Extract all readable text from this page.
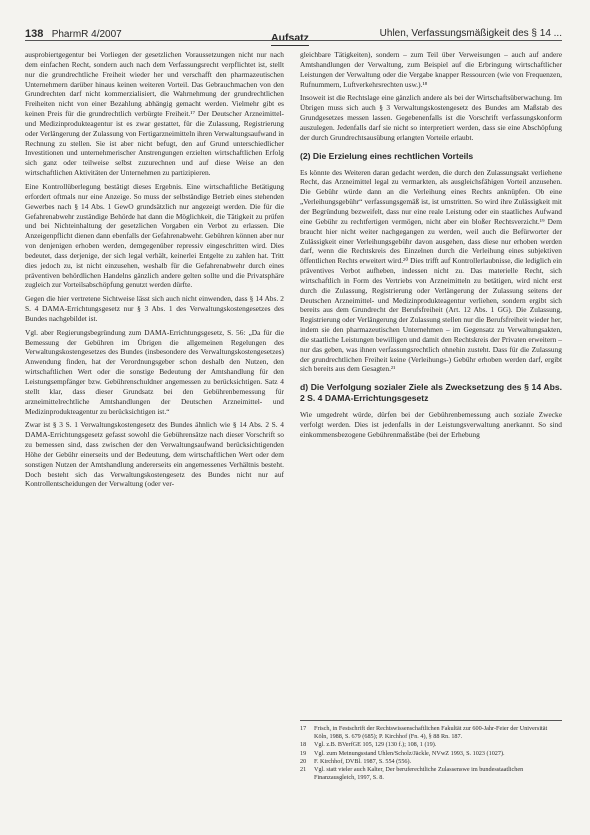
138 PharmR 4/2007	Aufsatz	Uhlen, Verfassungsmäßigkeit des § 14 ...

ausprobiertgegentur bei Vorliegen der gesetzlichen Voraussetzungen nicht nur nach dem einfachen Recht, sondern auch nach dem Verfassungsrecht verpflichtet ist, stellt nur die grundrechtliche Freiheit wieder her und verschafft den pharmazeutischen Unternehmern darüber hinaus keinen weiteren Vorteil. Das Gebrauchmachen von den Grundrechten darf nicht kommerzialisiert, die Wahrnehmung der grundrechtlichen Freiheiten nicht von einer Bezahlung abhängig gemacht werden. Vielmehr gibt es keinen Preis für die grundrechtlich verbürgte Freiheit.¹⁷ Der Deutscher Arzneimittel- und Medizinprodukteagentur ist es zwar gestattet, für die Zulassung, Registrierung oder Verlängerung der Zulassung von Fertigarzneimitteln ihren Verwaltungsaufwand in Rechnung zu stellen. Sie ist aber nicht befugt, den auf Grund unterschiedlicher Investitionen und unternehmerischer Anstrengungen erzielten wirtschaftlichen Erfolg sich ganz oder teilweise selbst zuzurechnen und auf diese Weise an den wirtschaftlichen Aktivitäten der Unternehmen zu partizipieren.

Eine Kontrollüberlegung bestätigt dieses Ergebnis. Eine wirtschaftliche Betätigung erfordert oftmals nur eine Anzeige. So muss der selbständige Betrieb eines stehenden Gewerbes nach § 14 Abs. 1 GewO grundsätzlich nur angezeigt werden. Die für die Gefahrenabwehr zuständige Behörde hat dann die Möglichkeit, die Tätigkeit zu prüfen und bei Nichteinhaltung der gesetzlichen Vorgaben ein Verbot zu erlassen. Die Anzeigenpflicht dienen dann ebenfalls der Gefahrenabwehr. Gebühren können aber nur von denjenigen erhoben werden, demgegenüber repressiv eingeschritten wird. Dies bedeutet, dass derjenige, der sich legal verhält, keinerlei Entgelte zu zahlen hat. Tritt dies jedoch zu, ist nicht einzusehen, weshalb für die Gefahrenabwehr durch eines präventiven behördlichen Handelns gänzlich andere gelten sollte und die Privatsphäre zugleich zur Vorteilsabschöpfung genutzt werden dürfte.

Gegen die hier vertretene Sichtweise lässt sich auch nicht einwenden, dass § 14 Abs. 2 S. 4 DAMA-Errichtungsgesetz nur § 3 Abs. 1 des Verwaltungskostengesetzes des Bundes nachgebildet ist.

Vgl. aber Regierungsbegründung zum DAMA-Errichtungsgesetz, S. 56: „Da für die Bemessung der Gebühren im Übrigen die allgemeinen Regelungen des Verwaltungskostengesetzes des Bundes (insbesondere des Verwaltungskostengesetzes) Anwendung finden, hat der Verordnungsgeber schon deshalb den Nutzen, den wirtschaftlichen Wert oder die sonstige Bedeutung der Amtshandlung für den Leistungsempfänger bzw. Gebührenschuldner angemessen zu berücksichtigen. Satz 4 stellt klar, dass dieser Grundsatz bei den Gebührenbemessung für arzneimittelrechtliche Amtshandlungen der Deutschen Arzneimittel- und Medizinprodukteagentur zu berücksichtigen ist.“

Zwar ist § 3 S. 1 Verwaltungskostengesetz des Bundes ähnlich wie § 14 Abs. 2 S. 4 DAMA-Errichtungsgesetz gefasst sowohl die Gebührensätze nach dieser Vorschrift so zu bemessen sind, dass zwischen der den Verwaltungsaufwand berücksichtigenden Höhe der Gebühr einerseits und der Bedeutung, dem wirtschaftlichen Wert oder dem sonstigen Nutzen der Amtshandlung andererseits ein angemessenes Verhältnis besteht. Doch besteht sich das Verwaltungskostengesetz des Bundes nicht nur auf Kontrollentscheidungen der Verwaltung (oder ver-

gleichbare Tätigkeiten), sondern – zum Teil über Verweisungen – auch auf andere Amtshandlungen der Verwaltung, zum Beispiel auf die Erbringung wirtschaftlicher Leistungen der Verwaltung oder die Vergabe knapper Ressourcen (wie von Frequenzen, Rufnummern, Luftverkehrsrechten usw.).¹⁸

Insoweit ist die Rechtslage eine gänzlich andere als bei der Wirtschaftsüberwachung. Im Übrigen muss sich auch § 3 Verwaltungskostengesetz des Bundes am Maßstab des Grundgesetzes messen lassen. Gegebenenfalls ist die Vorschrift verfassungskonform auszulegen. Jedenfalls darf sie nicht so interpretiert werden, dass sie eine Abschöpfung der durch Grundrechtsausübung erlangten Vorteile erlaubt.

(2) Die Erzielung eines rechtlichen Vorteils

Es könnte des Weiteren daran gedacht werden, die durch den Zulassungsakt verliehene Recht, das Arzneimittel legal zu vermarkten, als ausgleichsfähigen Vorteil anzusehen. Die Gebühr würde dann an die Verleihung eines Rechts anknüpfen. Ob eine „Verleihungsgebühr“ verfassungsgemäß ist, ist umstritten. So wird ihre Zulässigkeit mit der Begründung bezweifelt, dass nur eine reale Leistung oder ein staatliches Aufwand eine Gebühr zu rechtfertigen vermögen, nicht aber ein bloßer Rechtsverzicht.¹⁹ Dem braucht hier nicht weiter nachgegangen zu werden, weil auch die Befürworter der Zulässigkeit einer Verleihungsgebühr davon ausgehen, dass diese nur erhoben werden darf, wenn die Rechtskreis des Einzelnen durch die Verleihung eines subjektiven öffentlichen Rechts erweitert wird.²⁰ Dies trifft auf Kontrollerlaubnisse, die lediglich ein präventives Verbot aufheben, indessen nicht zu. Das materielle Recht, sich wirtschaftlich in Form des Vertriebs von Arzneimitteln zu betätigen, wird nicht erst durch die Zulassung, Registrierung oder Verlängerung der Zulassung seitens der Deutschen Arzneimittel- und Medizinprodukteagentur verliehen, sondern ergibt sich bereits aus dem Grundrecht der Berufsfreiheit (Art. 12 Abs. 1 GG). Die Zulassung, Registrierung oder Verlängerung der Zulassung stellen nur die Berufsfreiheit wieder her, indem sie den pharmazeutischen Unternehmen – im Gegensatz zu Verwaltungsakten, die staatliche Leistungen bewilligen und damit den Rechtskreis der Privaten erweitern – nur das geben, was ihnen verfassungsrechtlich ohnehin zusteht. Dass für die Zulassung der grundrechtlichen Freiheit keine (Verleihungs-) Gebühr erhoben werden darf, ergibt sich bereits aus dem Gesagten.²¹

d) Die Verfolgung sozialer Ziele als Zwecksetzung des § 14 Abs. 2 S. 4 DAMA-Errichtungsgesetz

Wie umgedreht würde, dürfen bei der Gebührenbemessung auch soziale Zwecke verfolgt werden. Dies ist jedenfalls in der Leistungsverwaltung anerkannt. So sind einkommensbezogene Gebührenmaßstäbe (bei der Erhebung

17	Frisch, in Festschrift der Rechtswissenschaftlichen Fakultät zur 600-Jahr-Feier der Universität Köln, 1988, S. 679 (685); P. Kirchhof (Fn. 4), § 88 Rn. 187.
18	Vgl. z.B. BVerfGE 105, 129 (130 f.); 108, 1 (19).
19	Vgl. zum Meinungsstand Uhlen/Scholz/Jäckle, NVwZ 1993, S. 1023 (1027).
20	F. Kirchhof, DVBl. 1987, S. 554 (556).
21	Vgl. statt vieler auch Kalter, Der beruferechtliche Zulassenswe im bundesstaatlichen Finanzausgleich, 1997, S. 8.
